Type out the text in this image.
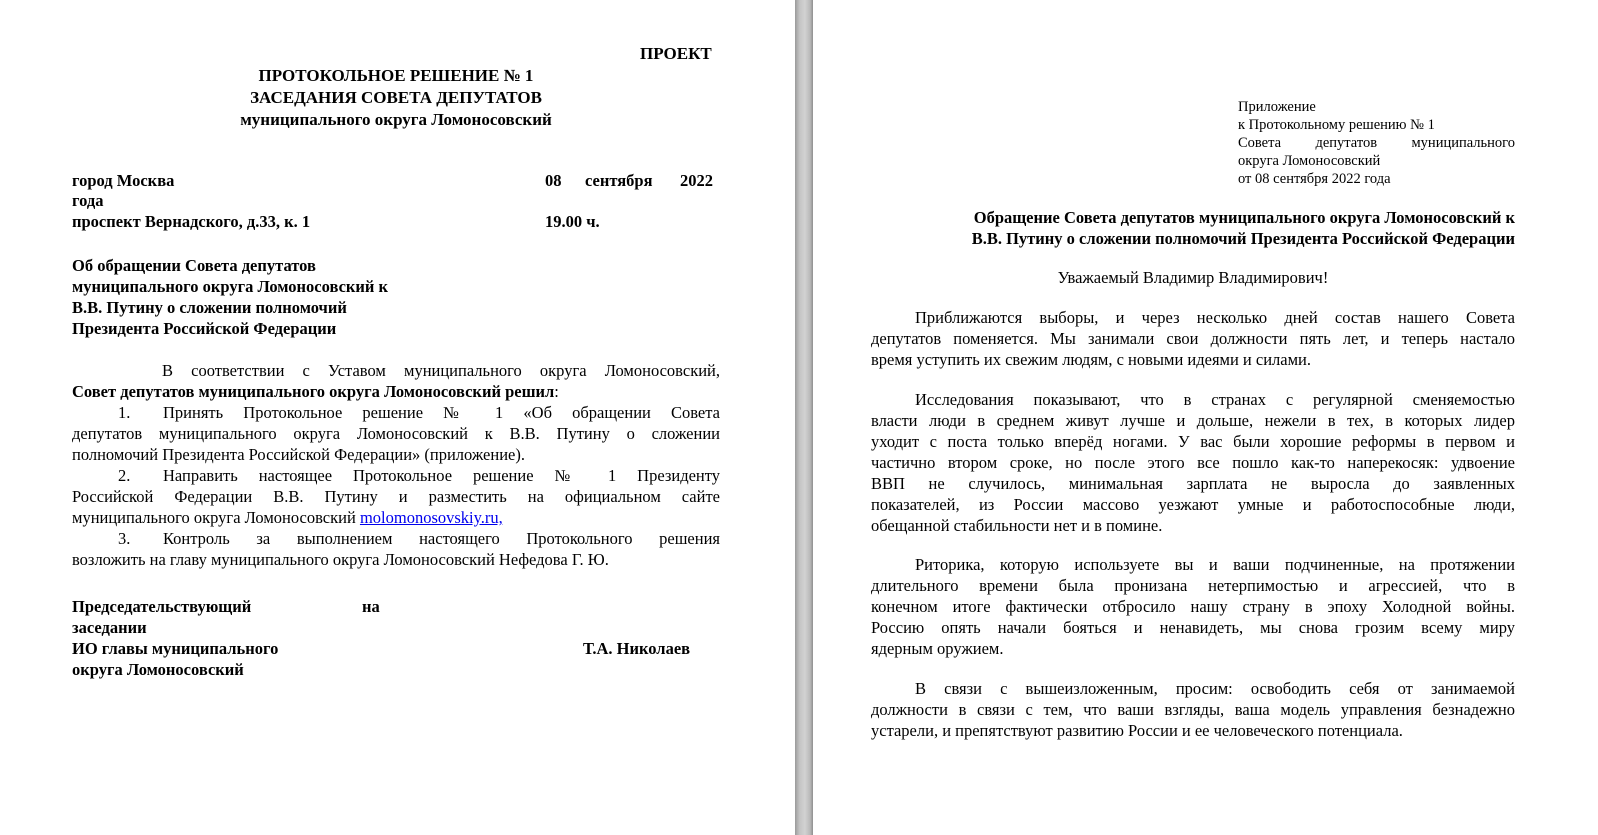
ПРОЕКТ
ПРОТОКОЛЬНОЕ РЕШЕНИЕ № 1
ЗАСЕДАНИЯ СОВЕТА ДЕПУТАТОВ
муниципального округа Ломоносовский
город Москва	08 сентября 2022
года
проспект Вернадского, д.33, к. 1	19.00 ч.
Об обращении Совета депутатов
муниципального округа Ломоносовский к
В.В. Путину о сложении полномочий
Президента Российской Федерации
В соответствии с Уставом муниципального округа Ломоносовский,
Совет депутатов муниципального округа Ломоносовский решил:
1. Принять Протокольное решение № 1 «Об обращении Совета
депутатов муниципального округа Ломоносовский к В.В. Путину о сложении
полномочий Президента Российской Федерации» (приложение).
2. Направить настоящее Протокольное решение № 1 Президенту
Российской Федерации В.В. Путину и разместить на официальном сайте
муниципального округа Ломоносовский molomonosovskiy.ru,
3. Контроль за выполнением настоящего Протокольного решения
возложить на главу муниципального округа Ломоносовский Нефедова Г. Ю.
Председательствующий	на
заседании
ИО главы муниципального
округа Ломоносовский
Т.А. Николаев
Приложение
к Протокольному решению № 1
Совета депутатов муниципального
округа Ломоносовский
от 08 сентября 2022 года
Обращение Совета депутатов муниципального округа Ломоносовский к
В.В. Путину о сложении полномочий Президента Российской Федерации
Уважаемый Владимир Владимирович!
Приближаются выборы, и через несколько дней состав нашего Совета
депутатов поменяется. Мы занимали свои должности пять лет, и теперь настало
время уступить их свежим людям, с новыми идеями и силами.
Исследования показывают, что в странах с регулярной сменяемостью
власти люди в среднем живут лучше и дольше, нежели в тех, в которых лидер
уходит с поста только вперёд ногами. У вас были хорошие реформы в первом и
частично втором сроке, но после этого все пошло как-то наперекосяк: удвоение
ВВП не случилось, минимальная зарплата не выросла до заявленных
показателей, из России массово уезжают умные и работоспособные люди,
обещанной стабильности нет и в помине.
Риторика, которую используете вы и ваши подчиненные, на протяжении
длительного времени была пронизана нетерпимостью и агрессией, что в
конечном итоге фактически отбросило нашу страну в эпоху Холодной войны.
Россию опять начали бояться и ненавидеть, мы снова грозим всему миру
ядерным оружием.
В связи с вышеизложенным, просим: освободить себя от занимаемой
должности в связи с тем, что ваши взгляды, ваша модель управления безнадежно
устарели, и препятствуют развитию России и ее человеческого потенциала.
